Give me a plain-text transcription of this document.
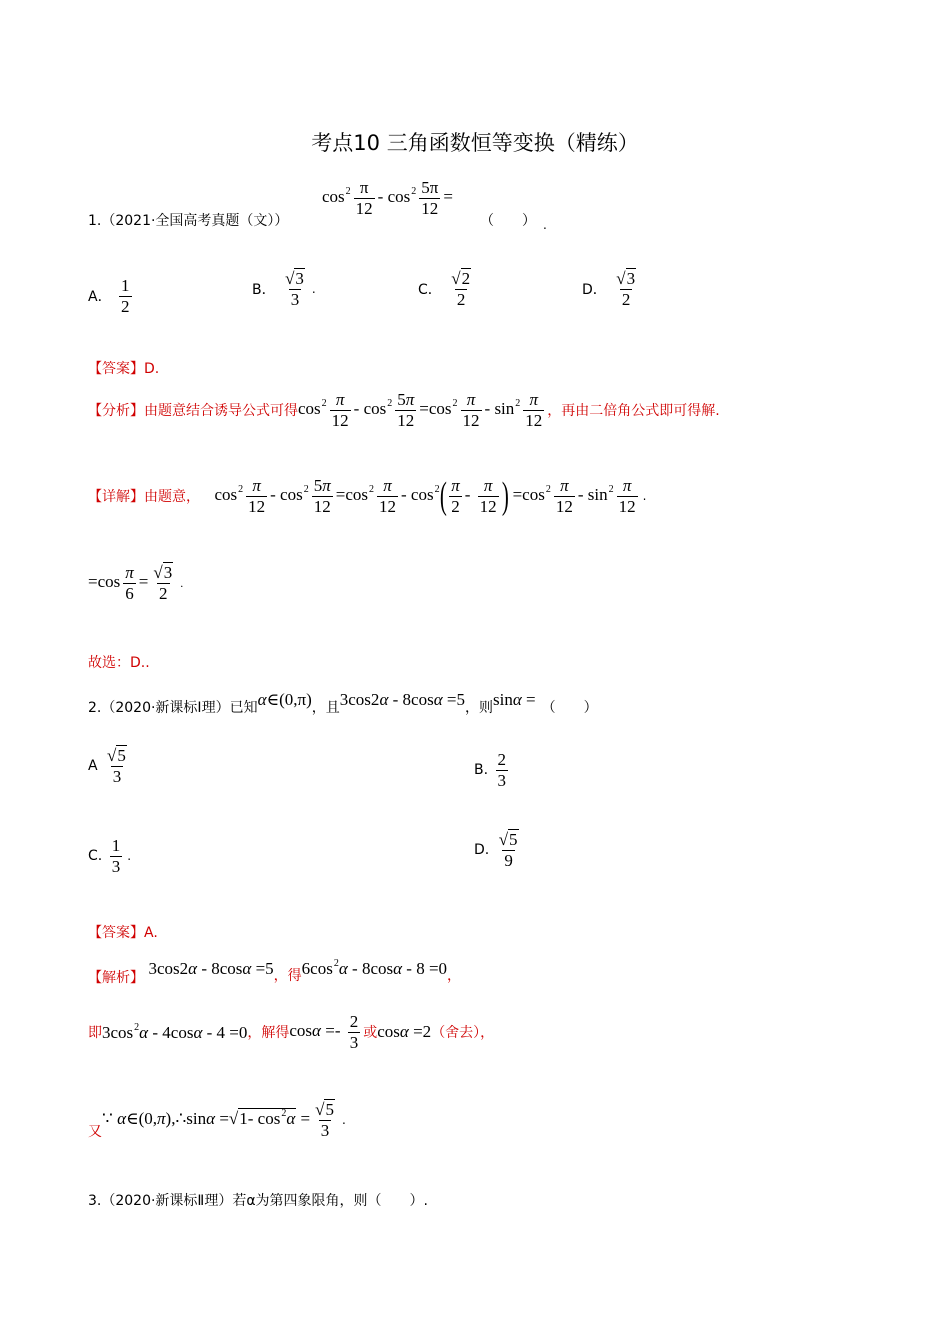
考点10 三角函数恒等变换（精练）
$\cos^2 \frac{\pi}{12} - \cos^2 \frac{5\pi}{12}$ =
1.（2021·全国高考真题（文））	（　　） .
A． $\frac{1}{2}$	B． $\frac{√3}{3}$ .	C． $\frac{√2}{2}$	D． $\frac{√3}{2}$
【答案】D.
【分析】由题意结合诱导公式可得$\cos^2 \frac{\pi}{12} - \cos^2 \frac{5\pi}{12} =\cos^2 \frac{\pi}{12} - \sin^2 \frac{\pi}{12}$ ，再由二倍角公式即可得解.
【详解】由题意， $\cos^2 \frac{\pi}{12} - \cos^2 \frac{5\pi}{12} =\cos^2 \frac{\pi}{12} - \cos^2( \frac{\pi}{2} - \frac{\pi}{12}$ ) $=\cos^2 \frac{\pi}{12} - \sin^2 \frac{\pi}{12}$ .
$=\cos \frac{\pi}{6} = \frac{√3}{2}$ .
故选：D..
2.（2020·新课标Ⅰ理）已知α∈(0,π)，且3cos2α - 8cosα =5，则sinα = （　　）
A $\frac{√5}{3}$	B. $\frac{2}{3}$
C. $\frac{1}{3}$ .	D. $\frac{√5}{9}$
【答案】A.
【解析】 3cos2α - 8cosα =5，得$6\cos^2\alpha - 8\cos\alpha - 8 =0$，
即$3\cos^2\alpha - 4\cos\alpha - 4 =0$，解得$\cos\alpha =- \frac{2}{3}$ 或cosα =2（舍去），
又∵ α∈(0,π),∴sinα =√1- $\cos^2\alpha = \frac{√5}{3}$ .
3.（2020·新课标Ⅱ理）若α为第四象限角，则（　　）.
